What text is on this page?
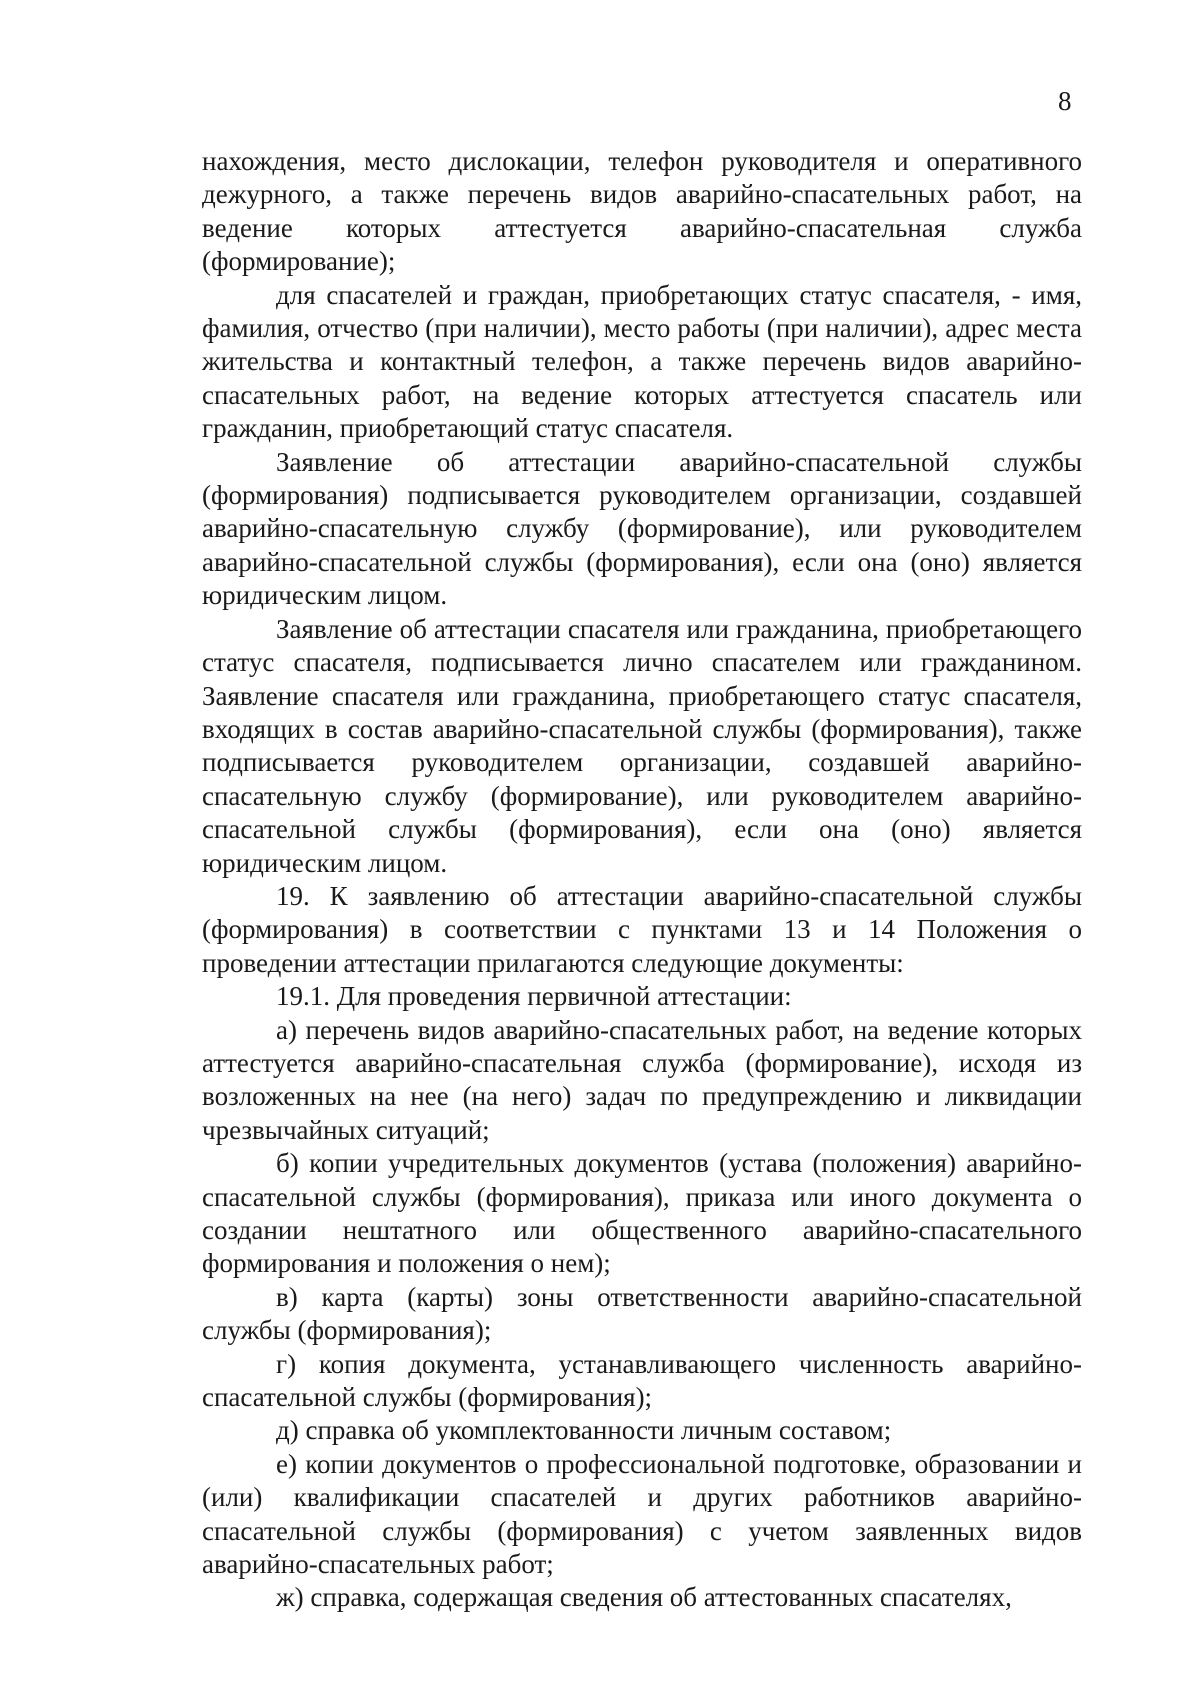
8

нахождения, место дислокации, телефон руководителя и оперативного дежурного, а также перечень видов аварийно-спасательных работ, на ведение которых аттестуется аварийно-спасательная служба (формирование);

для спасателей и граждан, приобретающих статус спасателя, - имя, фамилия, отчество (при наличии), место работы (при наличии), адрес места жительства и контактный телефон, а также перечень видов аварийно-спасательных работ, на ведение которых аттестуется спасатель или гражданин, приобретающий статус спасателя.

Заявление об аттестации аварийно-спасательной службы (формирования) подписывается руководителем организации, создавшей аварийно-спасательную службу (формирование), или руководителем аварийно-спасательной службы (формирования), если она (оно) является юридическим лицом.

Заявление об аттестации спасателя или гражданина, приобретающего статус спасателя, подписывается лично спасателем или гражданином. Заявление спасателя или гражданина, приобретающего статус спасателя, входящих в состав аварийно-спасательной службы (формирования), также подписывается руководителем организации, создавшей аварийно-спасательную службу (формирование), или руководителем аварийно-спасательной службы (формирования), если она (оно) является юридическим лицом.

19. К заявлению об аттестации аварийно-спасательной службы (формирования) в соответствии с пунктами 13 и 14 Положения о проведении аттестации прилагаются следующие документы:

19.1. Для проведения первичной аттестации:

а) перечень видов аварийно-спасательных работ, на ведение которых аттестуется аварийно-спасательная служба (формирование), исходя из возложенных на нее (на него) задач по предупреждению и ликвидации чрезвычайных ситуаций;

б) копии учредительных документов (устава (положения) аварийно-спасательной службы (формирования), приказа или иного документа о создании нештатного или общественного аварийно-спасательного формирования и положения о нем);

в) карта (карты) зоны ответственности аварийно-спасательной службы (формирования);

г) копия документа, устанавливающего численность аварийно-спасательной службы (формирования);

д) справка об укомплектованности личным составом;

е) копии документов о профессиональной подготовке, образовании и (или) квалификации спасателей и других работников аварийно-спасательной службы (формирования) с учетом заявленных видов аварийно-спасательных работ;

ж) справка, содержащая сведения об аттестованных спасателях,
